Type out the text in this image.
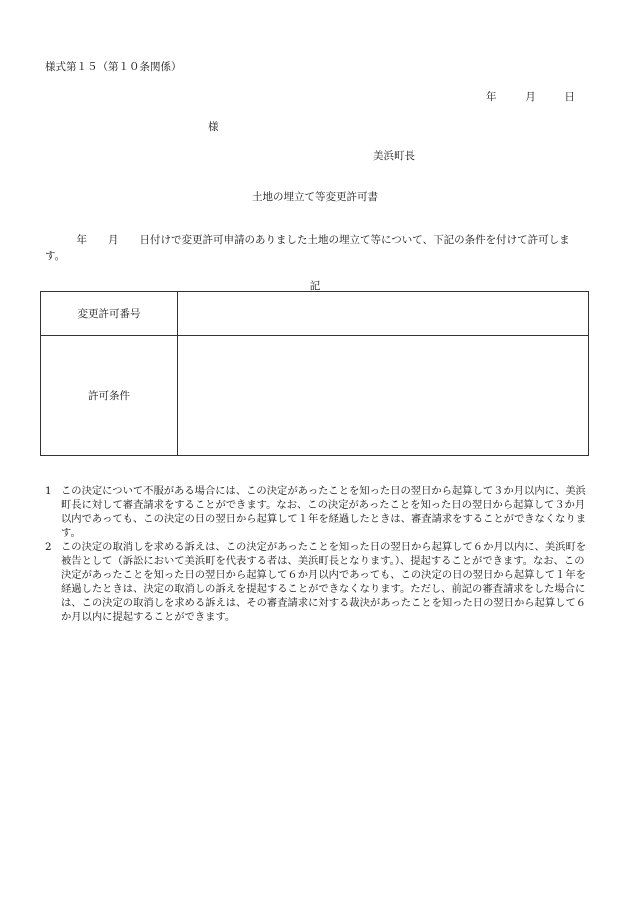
様式第１５（第１０条関係）
年	月	日
様
美浜町長
土地の埋立て等変更許可書
　　　年　　月　　日付けで変更許可申請のありました土地の埋立て等について、下記の条件を付けて許可します。
記
変更許可番号	
許可条件	
1 この決定について不服がある場合には、この決定があったことを知った日の翌日から起算して３か月以内に、美浜町長に対して審査請求をすることができます。なお、この決定があったことを知った日の翌日から起算して３か月以内であっても、この決定の日の翌日から起算して１年を経過したときは、審査請求をすることができなくなります。
2 この決定の取消しを求める訴えは、この決定があったことを知った日の翌日から起算して６か月以内に、美浜町を被告として（訴訟において美浜町を代表する者は、美浜町長となります。）、提起することができます。なお、この決定があったことを知った日の翌日から起算して６か月以内であっても、この決定の日の翌日から起算して１年を経過したときは、決定の取消しの訴えを提起することができなくなります。ただし、前記の審査請求をした場合には、この決定の取消しを求める訴えは、その審査請求に対する裁決があったことを知った日の翌日から起算して６か月以内に提起することができます。
